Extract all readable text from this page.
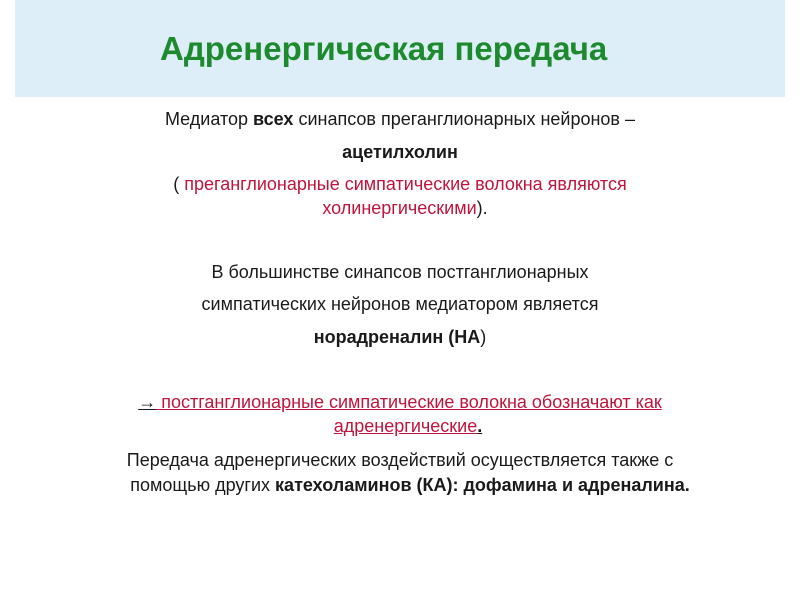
Адренергическая передача
Медиатор всех синапсов преганглионарных нейронов –
ацетилхолин
( преганглионарные симпатические волокна являются
холинергическими).
В большинстве синапсов постганглионарных
симпатических нейронов медиатором является
норадреналин (НА)
→ постганглионарные симпатические волокна обозначают как
адренергические.
Передача адренергических воздействий осуществляется также с
помощью других катехоламинов (КА): дофамина и адреналина.
